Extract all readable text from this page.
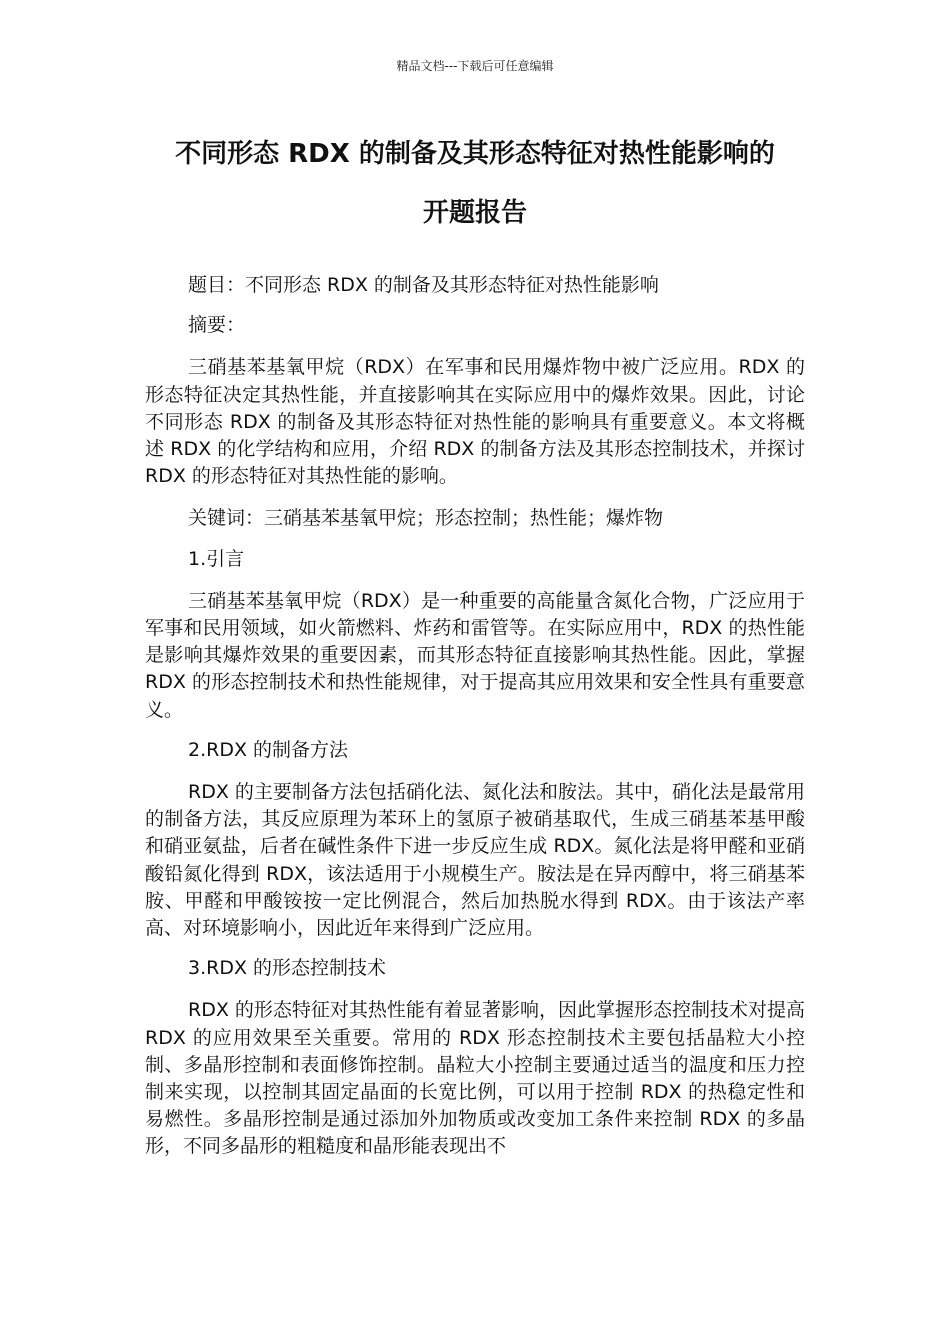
精品文档---下载后可任意编辑
不同形态 RDX 的制备及其形态特征对热性能影响的
开题报告

题目：不同形态 RDX 的制备及其形态特征对热性能影响

摘要：

三硝基苯基氧甲烷（RDX）在军事和民用爆炸物中被广泛应用。RDX 的形态特征决定其热性能，并直接影响其在实际应用中的爆炸效果。因此，讨论不同形态 RDX 的制备及其形态特征对热性能的影响具有重要意义。本文将概述 RDX 的化学结构和应用，介绍 RDX 的制备方法及其形态控制技术，并探讨 RDX 的形态特征对其热性能的影响。

关键词：三硝基苯基氧甲烷；形态控制；热性能；爆炸物

1.引言

三硝基苯基氧甲烷（RDX）是一种重要的高能量含氮化合物，广泛应用于军事和民用领域，如火箭燃料、炸药和雷管等。在实际应用中，RDX 的热性能是影响其爆炸效果的重要因素，而其形态特征直接影响其热性能。因此，掌握 RDX 的形态控制技术和热性能规律，对于提高其应用效果和安全性具有重要意义。

2.RDX 的制备方法

RDX 的主要制备方法包括硝化法、氮化法和胺法。其中，硝化法是最常用的制备方法，其反应原理为苯环上的氢原子被硝基取代，生成三硝基苯基甲酸和硝亚氨盐，后者在碱性条件下进一步反应生成 RDX。氮化法是将甲醛和亚硝酸铅氮化得到 RDX，该法适用于小规模生产。胺法是在异丙醇中，将三硝基苯胺、甲醛和甲酸铵按一定比例混合，然后加热脱水得到 RDX。由于该法产率高、对环境影响小，因此近年来得到广泛应用。

3.RDX 的形态控制技术

RDX 的形态特征对其热性能有着显著影响，因此掌握形态控制技术对提高 RDX 的应用效果至关重要。常用的 RDX 形态控制技术主要包括晶粒大小控制、多晶形控制和表面修饰控制。晶粒大小控制主要通过适当的温度和压力控制来实现，以控制其固定晶面的长宽比例，可以用于控制 RDX 的热稳定性和易燃性。多晶形控制是通过添加外加物质或改变加工条件来控制 RDX 的多晶形，不同多晶形的粗糙度和晶形能表现出不
